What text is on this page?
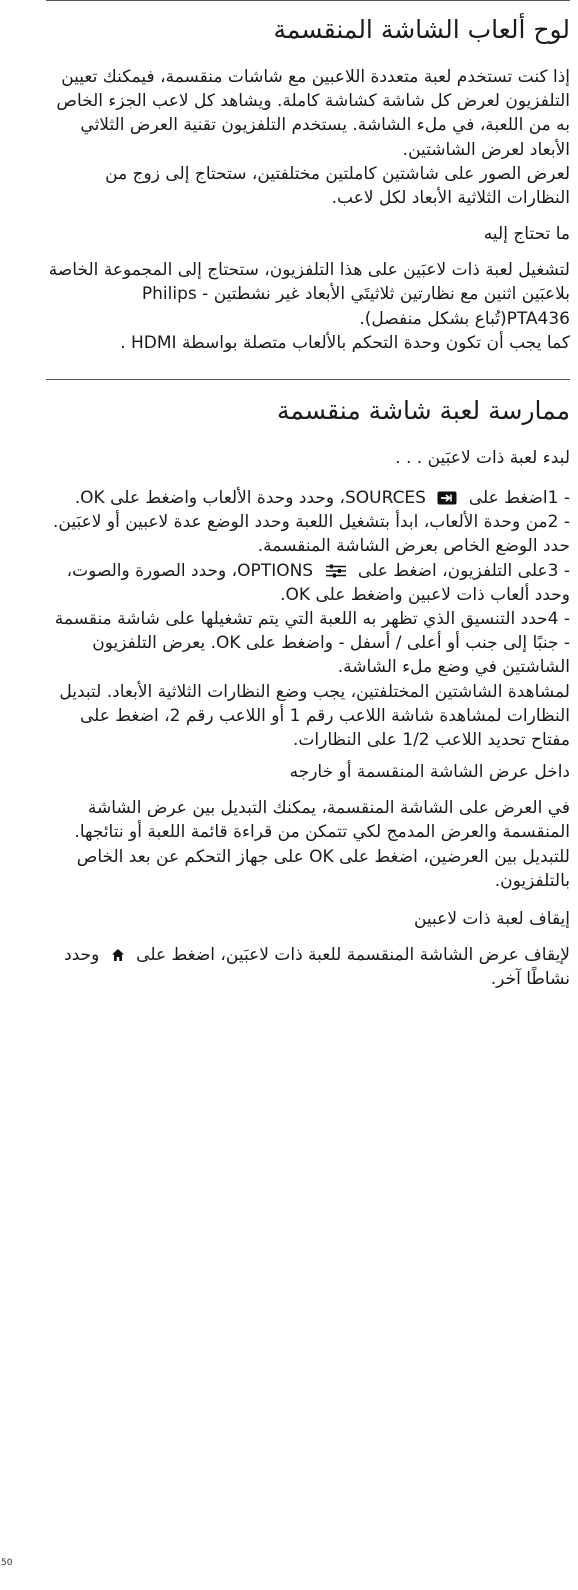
لوح ألعاب الشاشة المنقسمة

إذا كنت تستخدم لعبة متعددة اللاعبين مع شاشات منقسمة، فيمكنك تعيين التلفزيون لعرض كل شاشة كشاشة كاملة. ويشاهد كل لاعب الجزء الخاص به من اللعبة، في ملء الشاشة. يستخدم التلفزيون تقنية العرض الثلاثي الأبعاد لعرض الشاشتين.

لعرض الصور على شاشتين كاملتين مختلفتين، ستحتاج إلى زوج من النظارات الثلاثية الأبعاد لكل لاعب.

ما تحتاج إليه

لتشغيل لعبة ذات لاعبَين على هذا التلفزيون، ستحتاج إلى المجموعة الخاصة بلاعبَين اثنين مع نظارتين ثلاثيتَي الأبعاد غير نشطتين - Philips PTA436(تُباع بشكل منفصل).

كما يجب أن تكون وحدة التحكم بالألعاب متصلة بواسطة HDMI .

ممارسة لعبة شاشة منقسمة

لبدء لعبة ذات لاعبَين . . .

- 1اضغط على
SOURCES، وحدد وحدة الألعاب واضغط على OK.

- 2من وحدة الألعاب، ابدأ بتشغيل اللعبة وحدد الوضع عدة لاعبين أو لاعبَين. حدد الوضع الخاص بعرض الشاشة المنقسمة.

- 3على التلفزيون، اضغط على
OPTIONS، وحدد الصورة والصوت، وحدد ألعاب ذات لاعبين واضغط على OK.

- 4حدد التنسيق الذي تظهر به اللعبة التي يتم تشغيلها على شاشة منقسمة - جنبًا إلى جنب أو أعلى / أسفل - واضغط على OK. يعرض التلفزيون الشاشتين في وضع ملء الشاشة.

لمشاهدة الشاشتين المختلفتين، يجب وضع النظارات الثلاثية الأبعاد. لتبديل النظارات لمشاهدة شاشة اللاعب رقم 1 أو اللاعب رقم 2، اضغط على مفتاح تحديد اللاعب 1/2 على النظارات.

داخل عرض الشاشة المنقسمة أو خارجه

في العرض على الشاشة المنقسمة، يمكنك التبديل بين عرض الشاشة المنقسمة والعرض المدمج لكي تتمكن من قراءة قائمة اللعبة أو نتائجها.

للتبديل بين العرضين، اضغط على OK على جهاز التحكم عن بعد الخاص بالتلفزيون.

إيقاف لعبة ذات لاعبين

لإيقاف عرض الشاشة المنقسمة للعبة ذات لاعبَين، اضغط على
وحدد نشاطًا آخر.

50
